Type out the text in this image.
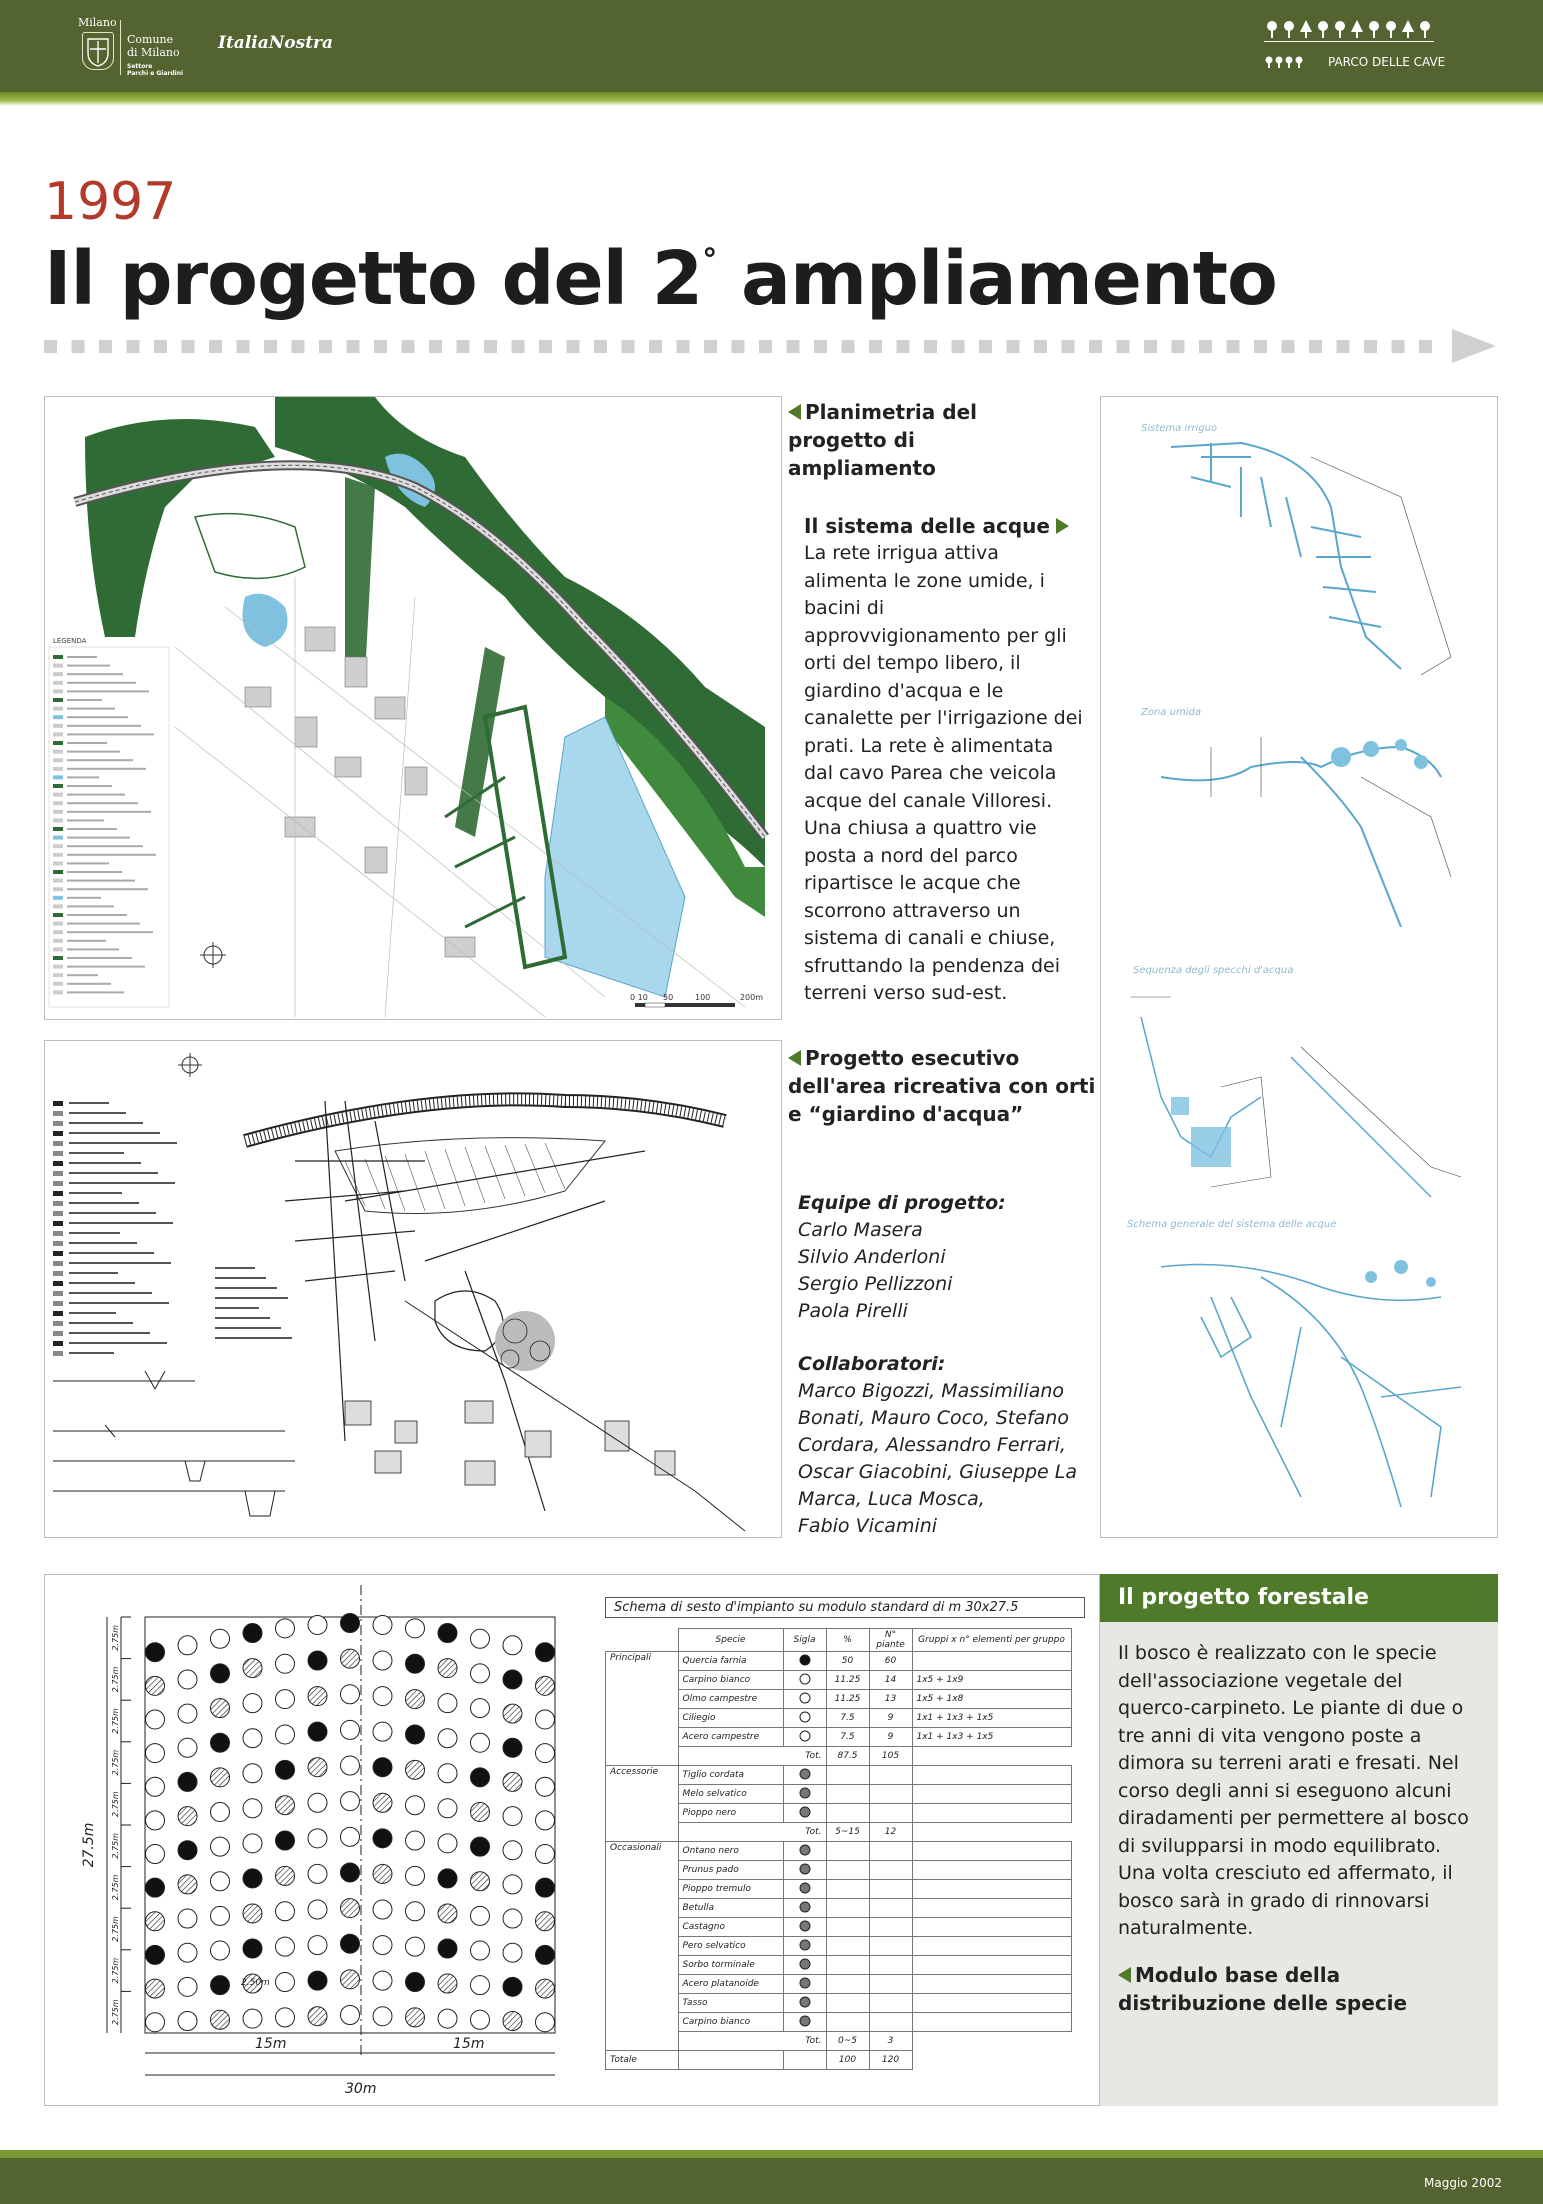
Milano
Comune
di Milano
Settore
Parchi e Giardini
ItaliaNostra
PARCO DELLE CAVE
1997
Il progetto del 2° ampliamento
LEGENDA
0 10 50	100	200m
Planimetria del progetto di ampliamento
Il sistema delle acque
La rete irrigua attiva alimenta le zone umide, i bacini di approvvigionamento per gli orti del tempo libero, il giardino d'acqua e le canalette per l'irrigazione dei prati. La rete è alimentata dal cavo Parea che veicola acque del canale Villoresi. Una chiusa a quattro vie posta a nord del parco ripartisce le acque che scorrono attraverso un sistema di canali e chiuse, sfruttando la pendenza dei terreni verso sud-est.
Sistema irriguo
Zona umida
Sequenza degli specchi d'acqua
Schema generale del sistema delle acque
Progetto esecutivo dell'area ricreativa con orti e “giardino d'acqua”
Equipe di progetto:
Carlo Masera
Silvio Anderloni
Sergio Pellizzoni
Paola Pirelli
Collaboratori:
Marco Bigozzi, Massimiliano
Bonati, Mauro Coco, Stefano
Cordara, Alessandro Ferrari,
Oscar Giacobini, Giuseppe La
Marca, Luca Mosca,
Fabio Vicamini
27.5m
2.75m
2.75m
2.75m
2.75m
2.75m
2.75m
2.75m
2.75m
2.75m
2.75m
15m	15m
30m
2.50m
Schema di sesto d'impianto su modulo standard di m 30x27.5
	Specie	Sigla	%	N° piante	Gruppi x n° elementi per gruppo
Principali	Quercia farnia		50	60	
	Carpino bianco		11.25	14	1x5 + 1x9
	Olmo campestre		11.25	13	1x5 + 1x8
	Ciliegio		7.5	9	1x1 + 1x3 + 1x5
	Acero campestre		7.5	9	1x1 + 1x3 + 1x5
		Tot.	87.5	105	
Accessorie	Tiglio cordata				
	Melo selvatico				
	Pioppo nero				
		Tot.	5~15	12	
Occasionali	Ontano nero				
	Prunus pado				
	Pioppo tremulo				
	Betulla				
	Castagno				
	Pero selvatico				
	Sorbo torminale				
	Acero platanoide				
	Tasso				
	Carpino bianco				
		Tot.	0~5	3	
Totale			100	120	
Il progetto forestale
Il bosco è realizzato con le specie dell'associazione vegetale del querco-carpineto. Le piante di due o tre anni di vita vengono poste a dimora su terreni arati e fresati. Nel corso degli anni si eseguono alcuni diradamenti per permettere al bosco di svilupparsi in modo equilibrato. Una volta cresciuto ed affermato, il bosco sarà in grado di rinnovarsi naturalmente.
Modulo base della distribuzione delle specie
Maggio 2002
